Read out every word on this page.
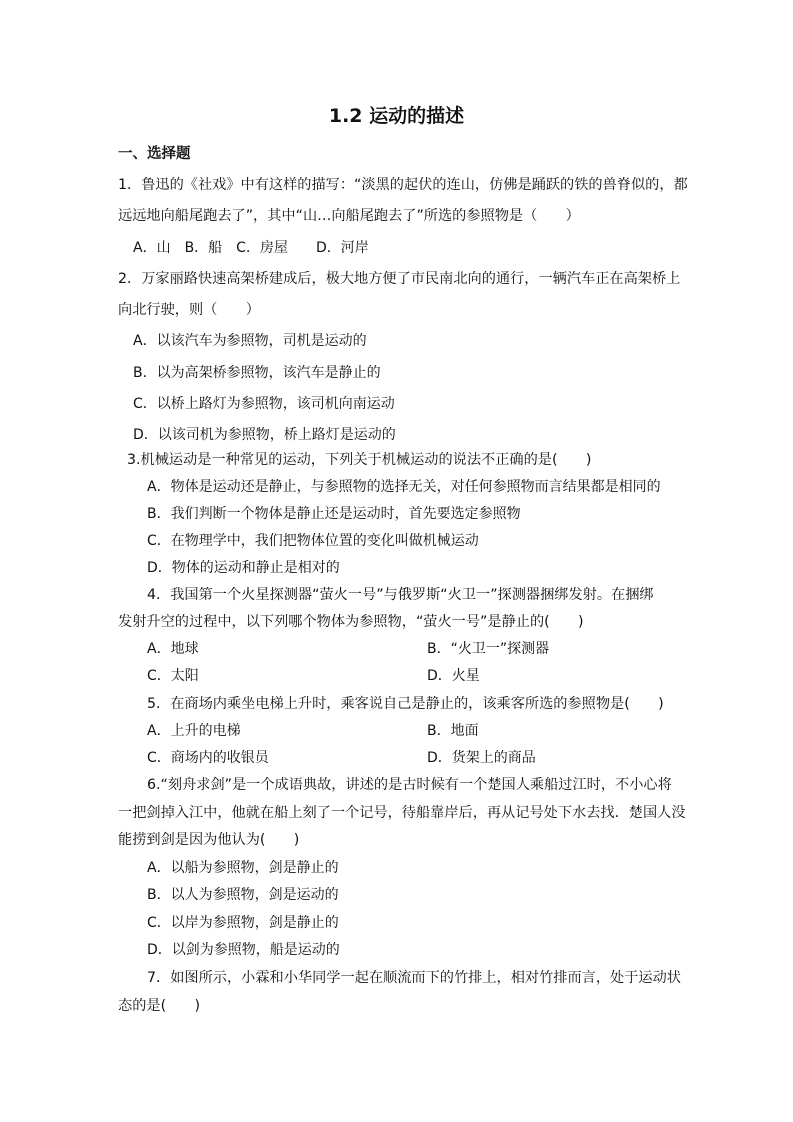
1.2 运动的描述
一、选择题
1．鲁迅的《社戏》中有这样的描写：“淡黑的起伏的连山，仿佛是踊跃的铁的兽脊似的，都
远远地向船尾跑去了”，其中“山…向船尾跑去了”所选的参照物是（　　）
A．山　B．船　C．房屋　　D．河岸
2．万家丽路快速高架桥建成后，极大地方便了市民南北向的通行，一辆汽车正在高架桥上
向北行驶，则（　　）
A．以该汽车为参照物，司机是运动的
B．以为高架桥参照物，该汽车是静止的
C．以桥上路灯为参照物，该司机向南运动
D．以该司机为参照物，桥上路灯是运动的
3.机械运动是一种常见的运动，下列关于机械运动的说法不正确的是(　　)
A．物体是运动还是静止，与参照物的选择无关，对任何参照物而言结果都是相同的
B．我们判断一个物体是静止还是运动时，首先要选定参照物
C．在物理学中，我们把物体位置的变化叫做机械运动
D．物体的运动和静止是相对的
4．我国第一个火星探测器“萤火一号”与俄罗斯“火卫一”探测器捆绑发射。在捆绑
发射升空的过程中，以下列哪个物体为参照物，“萤火一号”是静止的(　　)
A．地球	B．“火卫一”探测器
C．太阳	D．火星
5．在商场内乘坐电梯上升时，乘客说自己是静止的，该乘客所选的参照物是(　　)
A．上升的电梯	B．地面
C．商场内的收银员	D．货架上的商品
6.“刻舟求剑”是一个成语典故，讲述的是古时候有一个楚国人乘船过江时，不小心将
一把剑掉入江中，他就在船上刻了一个记号，待船靠岸后，再从记号处下水去找．楚国人没
能捞到剑是因为他认为(　　)
A．以船为参照物，剑是静止的
B．以人为参照物，剑是运动的
C．以岸为参照物，剑是静止的
D．以剑为参照物，船是运动的
7．如图所示，小霖和小华同学一起在顺流而下的竹排上，相对竹排而言，处于运动状
态的是(　　)
